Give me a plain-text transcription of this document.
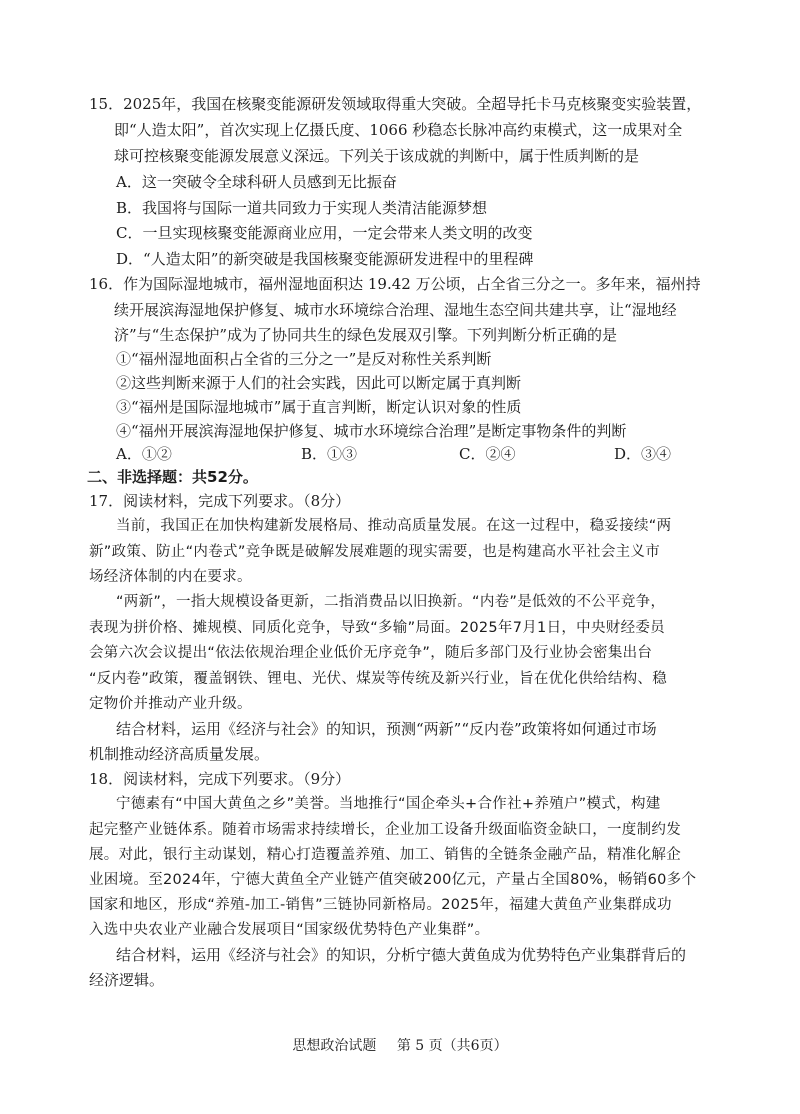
15．2025年，我国在核聚变能源研发领域取得重大突破。全超导托卡马克核聚变实验装置，
即“人造太阳”，首次实现上亿摄氏度、1066 秒稳态长脉冲高约束模式，这一成果对全
球可控核聚变能源发展意义深远。下列关于该成就的判断中，属于性质判断的是
A．这一突破令全球科研人员感到无比振奋
B．我国将与国际一道共同致力于实现人类清洁能源梦想
C．一旦实现核聚变能源商业应用，一定会带来人类文明的改变
D．“人造太阳”的新突破是我国核聚变能源研发进程中的里程碑
16．作为国际湿地城市，福州湿地面积达 19.42 万公顷，占全省三分之一。多年来，福州持
续开展滨海湿地保护修复、城市水环境综合治理、湿地生态空间共建共享，让“湿地经
济”与“生态保护”成为了协同共生的绿色发展双引擎。下列判断分析正确的是
①“福州湿地面积占全省的三分之一”是反对称性关系判断
②这些判断来源于人们的社会实践，因此可以断定属于真判断
③“福州是国际湿地城市”属于直言判断，断定认识对象的性质
④“福州开展滨海湿地保护修复、城市水环境综合治理”是断定事物条件的判断
A．①②	B．①③	C．②④	D．③④
二、非选择题：共52分。
17．阅读材料，完成下列要求。（8分）
当前，我国正在加快构建新发展格局、推动高质量发展。在这一过程中，稳妥接续“两
新”政策、防止“内卷式”竞争既是破解发展难题的现实需要，也是构建高水平社会主义市
场经济体制的内在要求。
“两新”，一指大规模设备更新，二指消费品以旧换新。“内卷”是低效的不公平竞争，
表现为拼价格、摊规模、同质化竞争，导致“多输”局面。2025年7月1日，中央财经委员
会第六次会议提出“依法依规治理企业低价无序竞争”，随后多部门及行业协会密集出台
“反内卷”政策，覆盖钢铁、锂电、光伏、煤炭等传统及新兴行业，旨在优化供给结构、稳
定物价并推动产业升级。
结合材料，运用《经济与社会》的知识，预测“两新”“反内卷”政策将如何通过市场
机制推动经济高质量发展。
18．阅读材料，完成下列要求。（9分）
宁德素有“中国大黄鱼之乡”美誉。当地推行“国企牵头+合作社+养殖户”模式，构建
起完整产业链体系。随着市场需求持续增长，企业加工设备升级面临资金缺口，一度制约发
展。对此，银行主动谋划，精心打造覆盖养殖、加工、销售的全链条金融产品，精准化解企
业困境。至2024年，宁德大黄鱼全产业链产值突破200亿元，产量占全国80%，畅销60多个
国家和地区，形成“养殖-加工-销售”三链协同新格局。2025年，福建大黄鱼产业集群成功
入选中央农业产业融合发展项目“国家级优势特色产业集群”。
结合材料，运用《经济与社会》的知识，分析宁德大黄鱼成为优势特色产业集群背后的
经济逻辑。
思想政治试题 第 5 页（共6页）
